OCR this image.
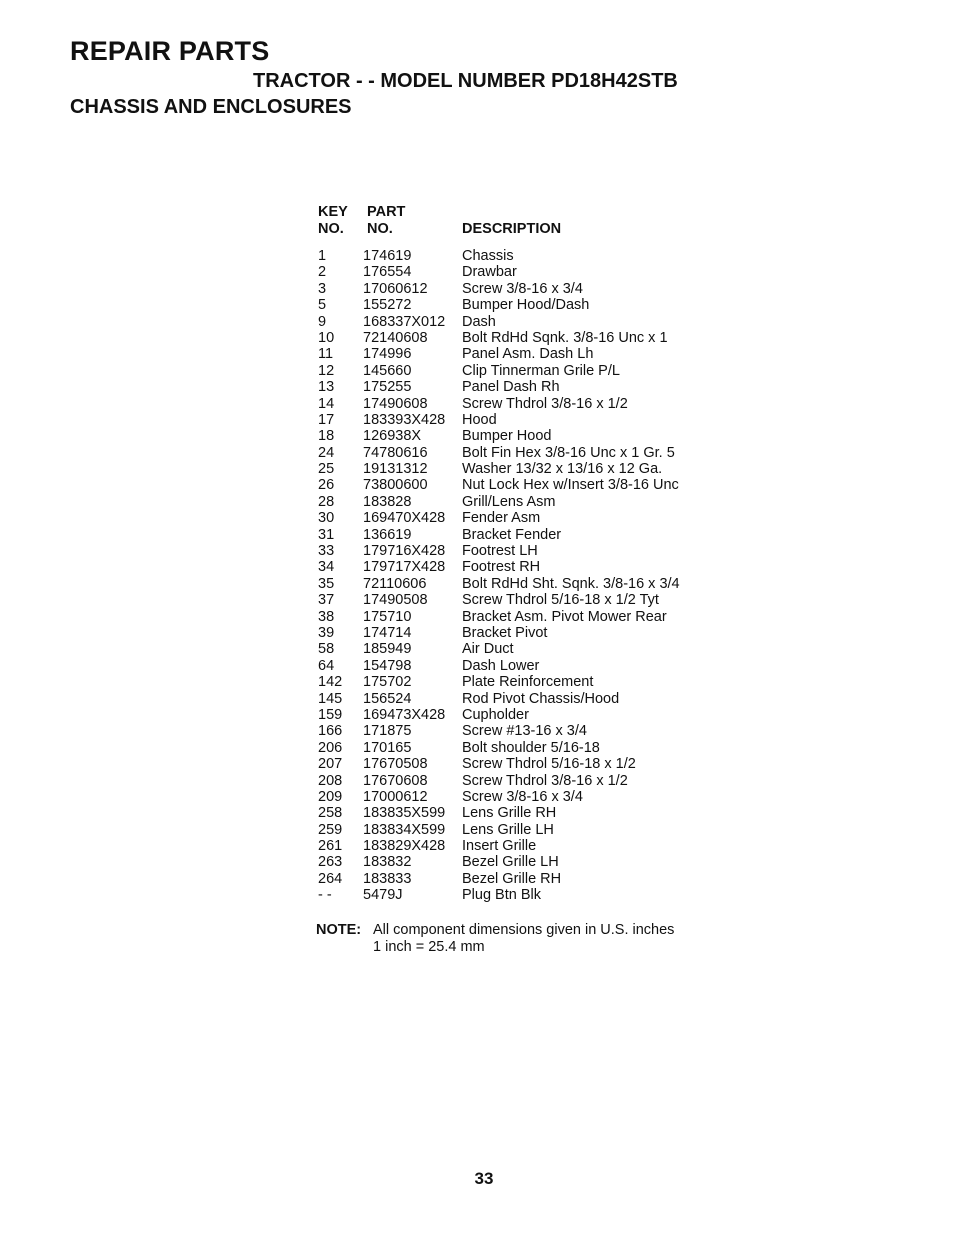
REPAIR PARTS
TRACTOR - - MODEL NUMBER PD18H42STB
CHASSIS AND ENCLOSURES
KEY
NO.
PART
NO.	DESCRIPTION
1	174619	Chassis
2	176554	Drawbar
3	17060612 Screw 3/8-16 x 3/4
5	155272	Bumper Hood/Dash
9	168337X012 Dash
10 72140608 Bolt RdHd Sqnk. 3/8-16 Unc x 1
11 174996	Panel Asm. Dash Lh
12 145660	Clip Tinnerman Grile P/L
13 175255	Panel Dash Rh
14 17490608 Screw Thdrol 3/8-16 x 1/2
17 183393X428 Hood
18 126938X	Bumper Hood
24 74780616 Bolt Fin Hex 3/8-16 Unc x 1 Gr. 5
25 19131312 Washer 13/32 x 13/16 x 12 Ga.
26 73800600 Nut Lock Hex w/Insert 3/8-16 Unc
28 183828	Grill/Lens Asm
30 169470X428 Fender Asm
31 136619	Bracket Fender
33 179716X428 Footrest LH
34 179717X428 Footrest RH
35 72110606 Bolt RdHd Sht. Sqnk. 3/8-16 x 3/4
37 17490508 Screw Thdrol 5/16-18 x 1/2 Tyt
38 175710	Bracket Asm. Pivot Mower Rear
39 174714	Bracket Pivot
58 185949	Air Duct
64 154798	Dash Lower
142 175702	Plate Reinforcement
145 156524	Rod Pivot Chassis/Hood
159 169473X428 Cupholder
166 171875	Screw #13-16 x 3/4
206 170165	Bolt shoulder 5/16-18
207 17670508 Screw Thdrol 5/16-18 x 1/2
208 17670608 Screw Thdrol 3/8-16 x 1/2
209 17000612 Screw 3/8-16 x 3/4
258 183835X599 Lens Grille RH
259 183834X599 Lens Grille LH
261 183829X428 Insert Grille
263 183832	Bezel Grille LH
264 183833	Bezel Grille RH
- - 5479J	Plug Btn Blk
NOTE: All component dimensions given in U.S. inches
1 inch = 25.4 mm
33
